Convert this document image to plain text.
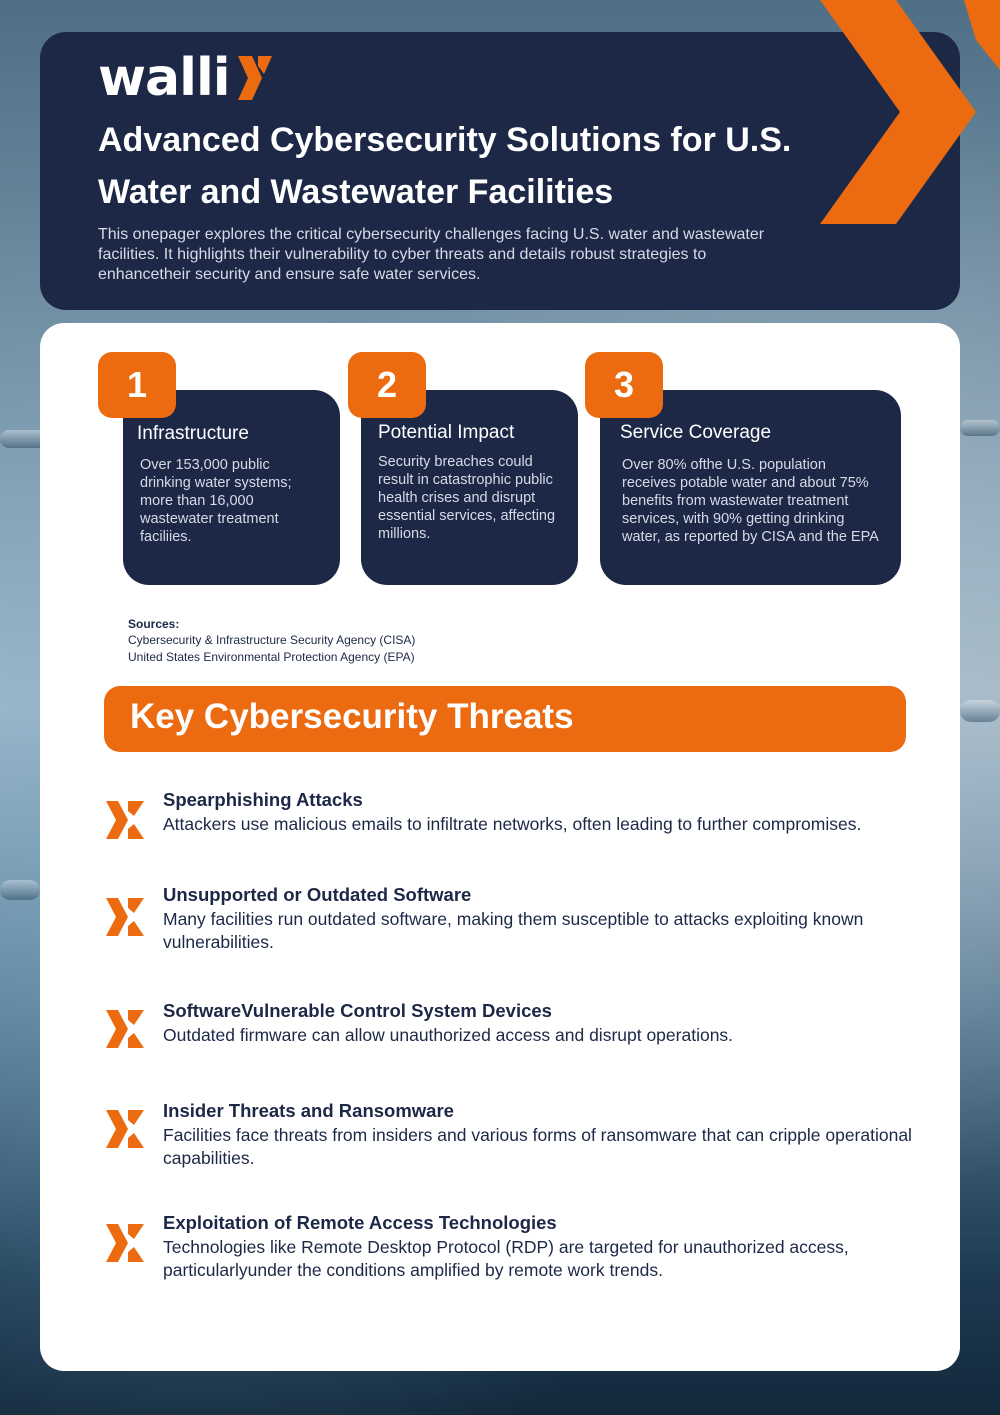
walli
Advanced Cybersecurity Solutions for U.S. Water and Wastewater Facilities

This onepager explores the critical cybersecurity challenges facing U.S. water and wastewater facilities. It highlights their vulnerability to cyber threats and details robust strategies to enhancetheir security and ensure safe water services.

Infrastructure
Over 153,000 public drinking water systems; more than 16,000 wastewater treatment faciliies.
1
Potential Impact
Security breaches could result in catastrophic public health crises and disrupt essential services, affecting millions.
2
Service Coverage
Over 80% ofthe U.S. population receives potable water and about 75% benefits from wastewater treatment services, with 90% getting drinking water, as reported by CISA and the EPA
3
Sources:
Cybersecurity & Infrastructure Security Agency (CISA)
United States Environmental Protection Agency (EPA)
Key Cybersecurity Threats
Spearphishing Attacks
Attackers use malicious emails to infiltrate networks, often leading to further compromises.
Unsupported or Outdated Software
Many facilities run outdated software, making them susceptible to attacks exploiting known vulnerabilities.
SoftwareVulnerable Control System Devices
Outdated firmware can allow unauthorized access and disrupt operations.
Insider Threats and Ransomware
Facilities face threats from insiders and various forms of ransomware that can cripple operational capabilities.
Exploitation of Remote Access Technologies
Technologies like Remote Desktop Protocol (RDP) are targeted for unauthorized access, particularlyunder the conditions amplified by remote work trends.
